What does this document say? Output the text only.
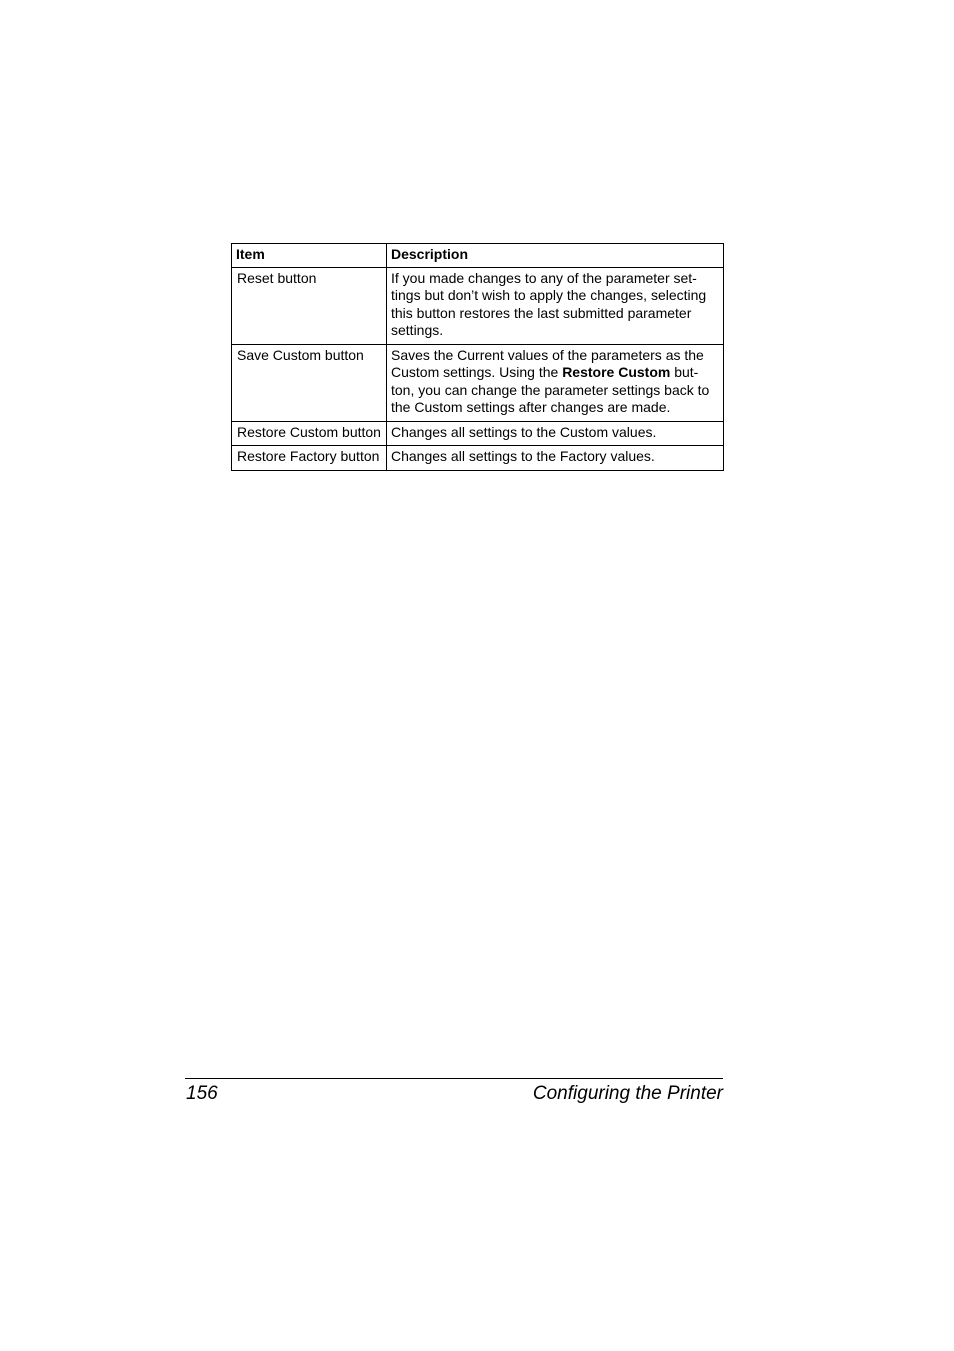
Item	Description
Reset button	If you made changes to any of the parameter set-
tings but don’t wish to apply the changes, selecting
this button restores the last submitted parameter
settings.
Save Custom button	Saves the Current values of the parameters as the
Custom settings. Using the Restore Custom but-
ton, you can change the parameter settings back to
the Custom settings after changes are made.
Restore Custom button	Changes all settings to the Custom values.
Restore Factory button	Changes all settings to the Factory values.
156	Configuring the Printer
